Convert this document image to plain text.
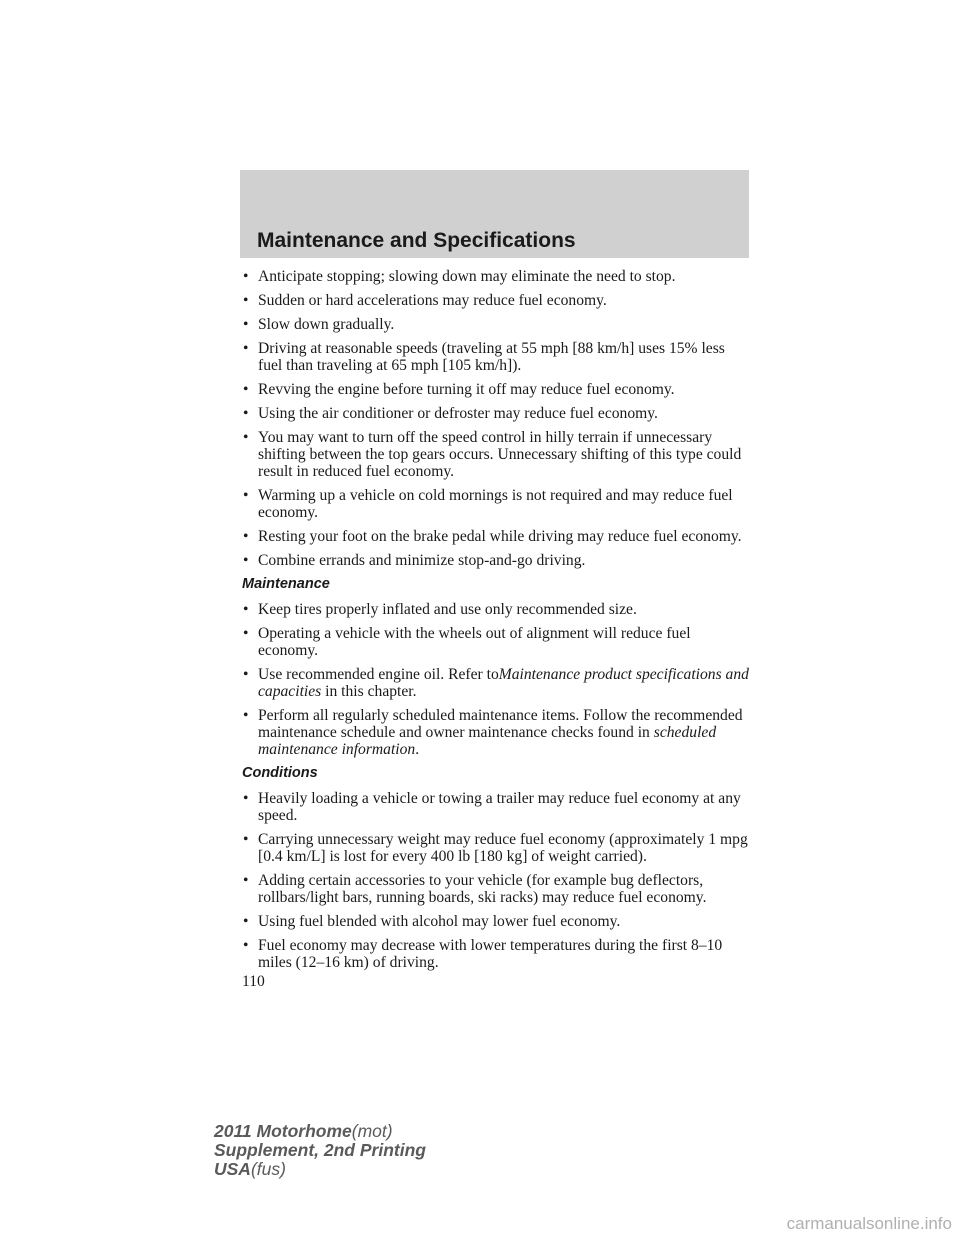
Maintenance and Specifications
• Anticipate stopping; slowing down may eliminate the need to stop.
• Sudden or hard accelerations may reduce fuel economy.
• Slow down gradually.
• Driving at reasonable speeds (traveling at 55 mph [88 km/h] uses 15% less fuel than traveling at 65 mph [105 km/h]).
• Revving the engine before turning it off may reduce fuel economy.
• Using the air conditioner or defroster may reduce fuel economy.
• You may want to turn off the speed control in hilly terrain if unnecessary shifting between the top gears occurs. Unnecessary shifting of this type could result in reduced fuel economy.
• Warming up a vehicle on cold mornings is not required and may reduce fuel economy.
• Resting your foot on the brake pedal while driving may reduce fuel economy.
• Combine errands and minimize stop-and-go driving.
Maintenance
• Keep tires properly inflated and use only recommended size.
• Operating a vehicle with the wheels out of alignment will reduce fuel economy.
• Use recommended engine oil. Refer toMaintenance product specifications and capacities in this chapter.
• Perform all regularly scheduled maintenance items. Follow the recommended maintenance schedule and owner maintenance checks found in scheduled maintenance information.
Conditions
• Heavily loading a vehicle or towing a trailer may reduce fuel economy at any speed.
• Carrying unnecessary weight may reduce fuel economy (approximately 1 mpg [0.4 km/L] is lost for every 400 lb [180 kg] of weight carried).
• Adding certain accessories to your vehicle (for example bug deflectors, rollbars/light bars, running boards, ski racks) may reduce fuel economy.
• Using fuel blended with alcohol may lower fuel economy.
• Fuel economy may decrease with lower temperatures during the first 8–10 miles (12–16 km) of driving.
110
2011 Motorhome(mot)
Supplement, 2nd Printing
USA(fus)
carmanualsonline.info
